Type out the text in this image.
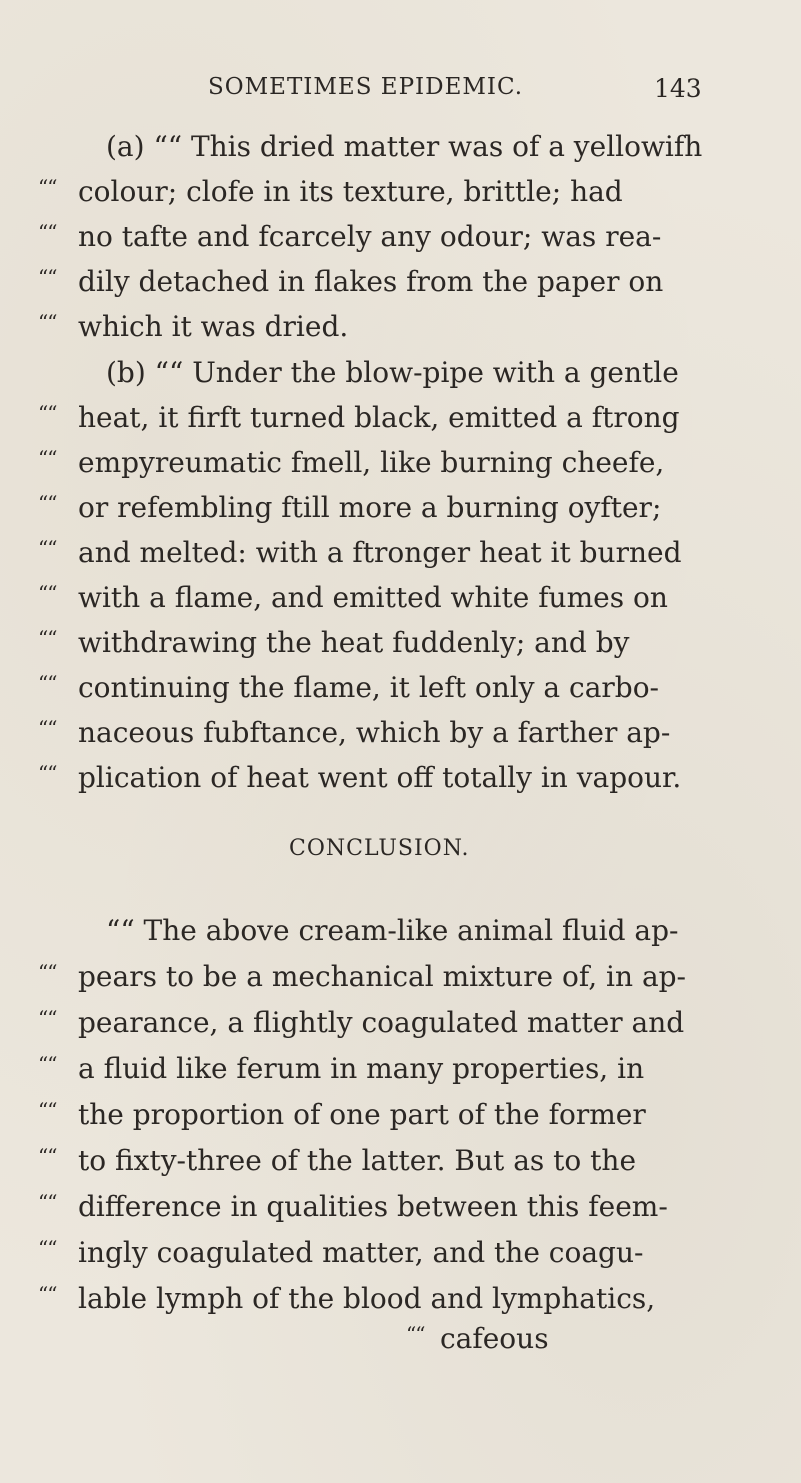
SOMETIMES EPIDEMIC.	143
(a) ““ This dried matter was of a yellowifh
““ colour; clofe in its texture, brittle; had
““ no tafte and fcarcely any odour; was rea-
““ dily detached in flakes from the paper on
““ which it was dried.
(b) ““ Under the blow-pipe with a gentle
““ heat, it firft turned black, emitted a ftrong
““ empyreumatic fmell, like burning cheefe,
““ or refembling ftill more a burning oyfter;
““ and melted: with a ftronger heat it burned
““ with a flame, and emitted white fumes on
““ withdrawing the heat fuddenly; and by
““ continuing the flame, it left only a carbo-
““ naceous fubftance, which by a farther ap-
““ plication of heat went off totally in vapour.
CONCLUSION.
““ The above cream-like animal fluid ap-
““ pears to be a mechanical mixture of, in ap-
““ pearance, a flightly coagulated matter and
““ a fluid like ferum in many properties, in
““ the proportion of one part of the former
““ to fixty-three of the latter. But as to the
““ difference in qualities between this feem-
““ ingly coagulated matter, and the coagu-
““ lable lymph of the blood and lymphatics,
““ cafeous
